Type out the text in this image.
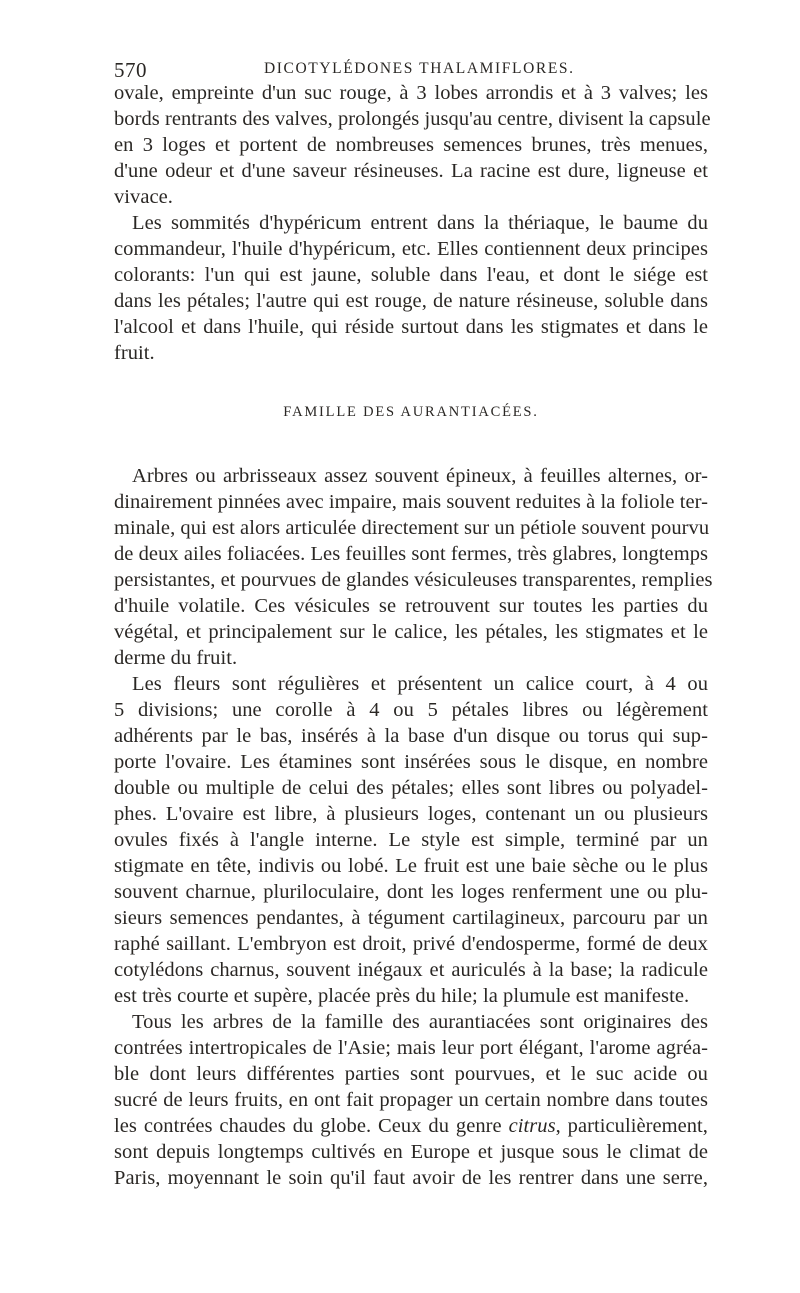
570	DICOTYLÉDONES THALAMIFLORES.

ovale, empreinte d'un suc rouge, à 3 lobes arrondis et à 3 valves; les
bords rentrants des valves, prolongés jusqu'au centre, divisent la capsule
en 3 loges et portent de nombreuses semences brunes, très menues,
d'une odeur et d'une saveur résineuses. La racine est dure, ligneuse et
vivace.

Les sommités d'hypéricum entrent dans la thériaque, le baume du
commandeur, l'huile d'hypéricum, etc. Elles contiennent deux principes
colorants: l'un qui est jaune, soluble dans l'eau, et dont le siége est
dans les pétales; l'autre qui est rouge, de nature résineuse, soluble dans
l'alcool et dans l'huile, qui réside surtout dans les stigmates et dans le
fruit.

FAMILLE DES AURANTIACÉES.

Arbres ou arbrisseaux assez souvent épineux, à feuilles alternes, or-
dinairement pinnées avec impaire, mais souvent reduites à la foliole ter-
minale, qui est alors articulée directement sur un pétiole souvent pourvu
de deux ailes foliacées. Les feuilles sont fermes, très glabres, longtemps
persistantes, et pourvues de glandes vésiculeuses transparentes, remplies
d'huile volatile. Ces vésicules se retrouvent sur toutes les parties du
végétal, et principalement sur le calice, les pétales, les stigmates et le
derme du fruit.

Les fleurs sont régulières et présentent un calice court, à 4 ou
5 divisions; une corolle à 4 ou 5 pétales libres ou légèrement
adhérents par le bas, insérés à la base d'un disque ou torus qui sup-
porte l'ovaire. Les étamines sont insérées sous le disque, en nombre
double ou multiple de celui des pétales; elles sont libres ou polyadel-
phes. L'ovaire est libre, à plusieurs loges, contenant un ou plusieurs
ovules fixés à l'angle interne. Le style est simple, terminé par un
stigmate en tête, indivis ou lobé. Le fruit est une baie sèche ou le plus
souvent charnue, pluriloculaire, dont les loges renferment une ou plu-
sieurs semences pendantes, à tégument cartilagineux, parcouru par un
raphé saillant. L'embryon est droit, privé d'endosperme, formé de deux
cotylédons charnus, souvent inégaux et auriculés à la base; la radicule
est très courte et supère, placée près du hile; la plumule est manifeste.

Tous les arbres de la famille des aurantiacées sont originaires des
contrées intertropicales de l'Asie; mais leur port élégant, l'arome agréa-
ble dont leurs différentes parties sont pourvues, et le suc acide ou
sucré de leurs fruits, en ont fait propager un certain nombre dans toutes
les contrées chaudes du globe. Ceux du genre citrus, particulièrement,
sont depuis longtemps cultivés en Europe et jusque sous le climat de
Paris, moyennant le soin qu'il faut avoir de les rentrer dans une serre,
